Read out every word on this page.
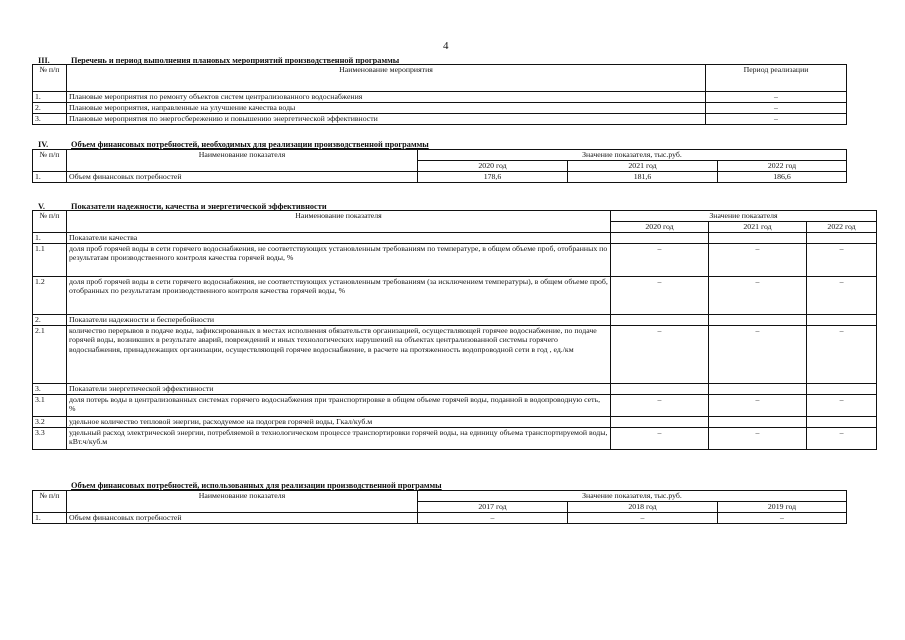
4
III.	Перечень и период выполнения плановых мероприятий производственной программы
№ п/п	Наименование мероприятия	Период реализации
1.	Плановые мероприятия по ремонту объектов систем централизованного водоснабжения	–
2.	Плановые мероприятия, направленные на улучшение качества воды	–
3.	Плановые мероприятия по энергосбережению и повышению энергетической эффективности	–
IV.	Объем финансовых потребностей, необходимых для реализации производственной программы
№ п/п	Наименование показателя	Значение показателя, тыс.руб.		
		2020 год	2021 год	2022 год
1.	Объем финансовых потребностей	178,6	181,6	186,6
V.	Показатели надежности, качества и энергетической эффективности
№ п/п	Наименование показателя	Значение показателя		
		2020 год	2021 год	2022 год
1.	Показатели качества			
1.1	доля проб горячей воды в сети горячего водоснабжения, не соответствующих установленным требованиям по температуре, в общем объеме проб, отобранных по результатам производственного контроля качества горячей воды, %	–	–	–
1.2	доля проб горячей воды в сети горячего водоснабжения, не соответствующих установленным требованиям (за исключением температуры), в общем объеме проб, отобранных по результатам производственного контроля качества горячей воды, %	–	–	–
2.	Показатели надежности и бесперебойности			
2.1	количество перерывов в подаче воды, зафиксированных в местах исполнения обязательств организацией, осуществляющей горячее водоснабжение, по подаче горячей воды, возникших в результате аварий, повреждений и иных технологических нарушений на объектах централизованной системы горячего водоснабжения, принадлежащих организации, осуществляющей горячее водоснабжение, в расчете на протяженность водопроводной сети в год , ед./км	–	–	–
3.	Показатели энергетической эффективности			
3.1	доля потерь воды в централизованных системах горячего водоснабжения при транспортировке в общем объеме горячей воды, поданной в водопроводную сеть, %	–	–	–
3.2	удельное количество тепловой энергии, расходуемое на подогрев горячей воды, Гкал/куб.м			
3.3	удельный расход электрической энергии, потребляемой в технологическом процессе транспортировки горячей воды, на единицу объема транспортируемой воды, кВт.ч/куб.м	–	–	–
Объем финансовых потребностей, использованных для реализации производственной программы
№ п/п	Наименование показателя	Значение показателя, тыс.руб.		
		2017 год	2018 год	2019 год
1.	Объем финансовых потребностей	–	–	–
